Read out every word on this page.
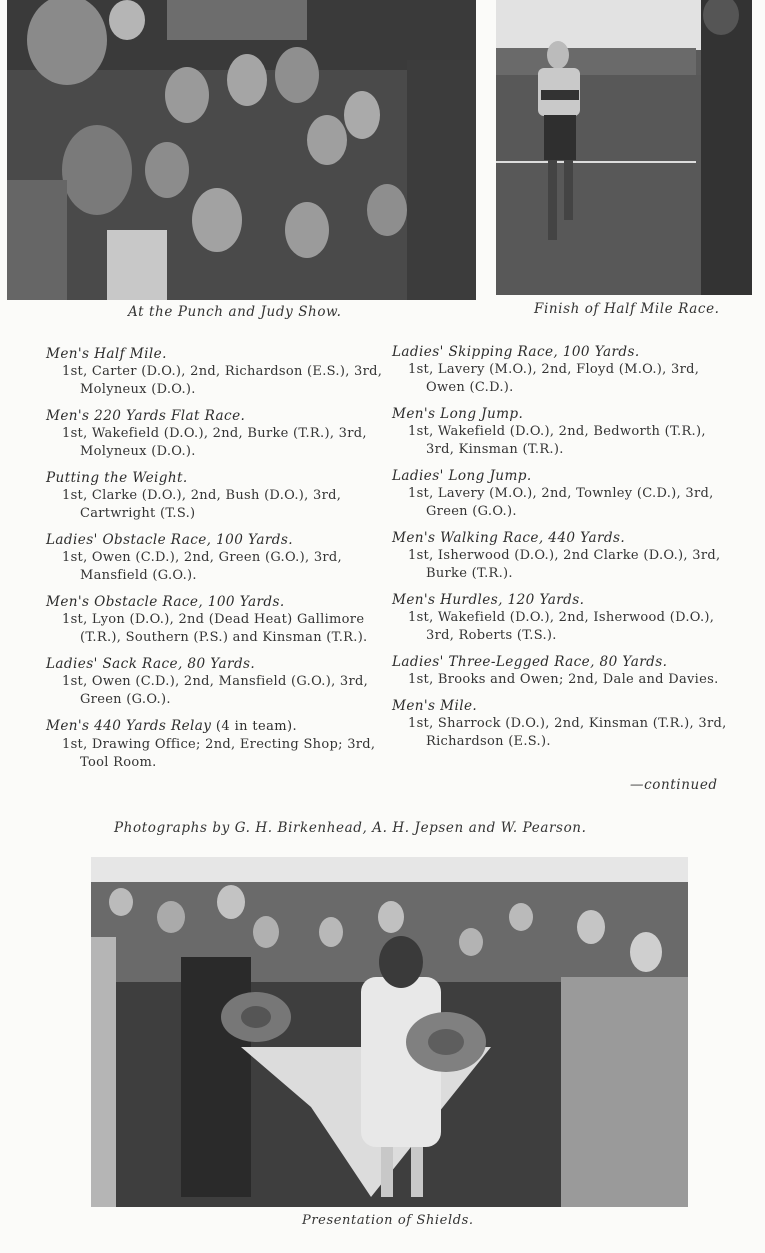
At the Punch and Judy Show.	Finish of Half Mile Race.
Men's Half Mile.
1st, Carter (D.O.), 2nd, Richardson (E.S.), 3rd, Molyneux (D.O.).
Men's 220 Yards Flat Race.
1st, Wakefield (D.O.), 2nd, Burke (T.R.), 3rd, Molyneux (D.O.).
Putting the Weight.
1st, Clarke (D.O.), 2nd, Bush (D.O.), 3rd, Cartwright (T.S.)
Ladies' Obstacle Race, 100 Yards.
1st, Owen (C.D.), 2nd, Green (G.O.), 3rd, Mansfield (G.O.).
Men's Obstacle Race, 100 Yards.
1st, Lyon (D.O.), 2nd (Dead Heat) Gallimore (T.R.), Southern (P.S.) and Kinsman (T.R.).
Ladies' Sack Race, 80 Yards.
1st, Owen (C.D.), 2nd, Mansfield (G.O.), 3rd, Green (G.O.).
Men's 440 Yards Relay (4 in team).
1st, Drawing Office; 2nd, Erecting Shop; 3rd, Tool Room.
Ladies' Skipping Race, 100 Yards.
1st, Lavery (M.O.), 2nd, Floyd (M.O.), 3rd, Owen (C.D.).
Men's Long Jump.
1st, Wakefield (D.O.), 2nd, Bedworth (T.R.), 3rd, Kinsman (T.R.).
Ladies' Long Jump.
1st, Lavery (M.O.), 2nd, Townley (C.D.), 3rd, Green (G.O.).
Men's Walking Race, 440 Yards.
1st, Isherwood (D.O.), 2nd Clarke (D.O.), 3rd, Burke (T.R.).
Men's Hurdles, 120 Yards.
1st, Wakefield (D.O.), 2nd, Isherwood (D.O.), 3rd, Roberts (T.S.).
Ladies' Three-Legged Race, 80 Yards.
1st, Brooks and Owen; 2nd, Dale and Davies.
Men's Mile.
1st, Sharrock (D.O.), 2nd, Kinsman (T.R.), 3rd, Richardson (E.S.).
—continued
Photographs by G. H. Birkenhead, A. H. Jepsen and W. Pearson.
Presentation of Shields.
